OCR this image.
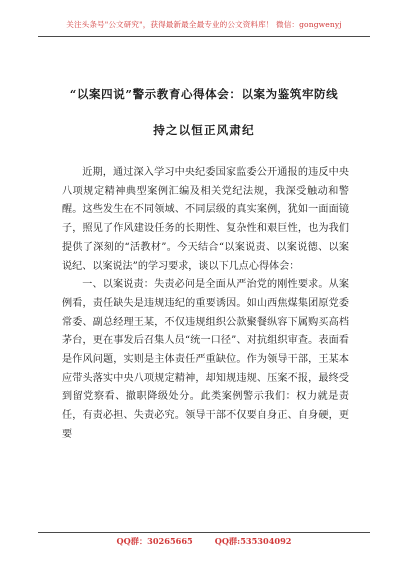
关注头条号"公文研究"，获得最新最全最专业的公文资料库！ 微信：gongwenyj
“以案四说”警示教育心得体会：以案为鉴筑牢防线
持之以恒正风肃纪

近期，通过深入学习中央纪委国家监委公开通报的违反中央八项规定精神典型案例汇编及相关党纪法规，我深受触动和警醒。这些发生在不同领域、不同层级的真实案例，犹如一面面镜子，照见了作风建设任务的长期性、复杂性和艰巨性，也为我们提供了深刻的“活教材”。今天结合“以案说责、以案说德、以案说纪、以案说法”的学习要求，谈以下几点心得体会：

一、以案说责：失责必问是全面从严治党的刚性要求。从案例看，责任缺失是违规违纪的重要诱因。如山西焦煤集团原党委常委、副总经理王某，不仅违规组织公款聚餐纵容下属购买高档茅台，更在事发后召集人员“统一口径”、对抗组织审查。表面看是作风问题，实则是主体责任严重缺位。作为领导干部，王某本应带头落实中央八项规定精神，却知规违规、压案不报，最终受到留党察看、撤职降级处分。此类案例警示我们：权力就是责任，有责必担、失责必究。领导干部不仅要自身正、自身硬，更要

QQ群：30265665	QQ群:535304092
